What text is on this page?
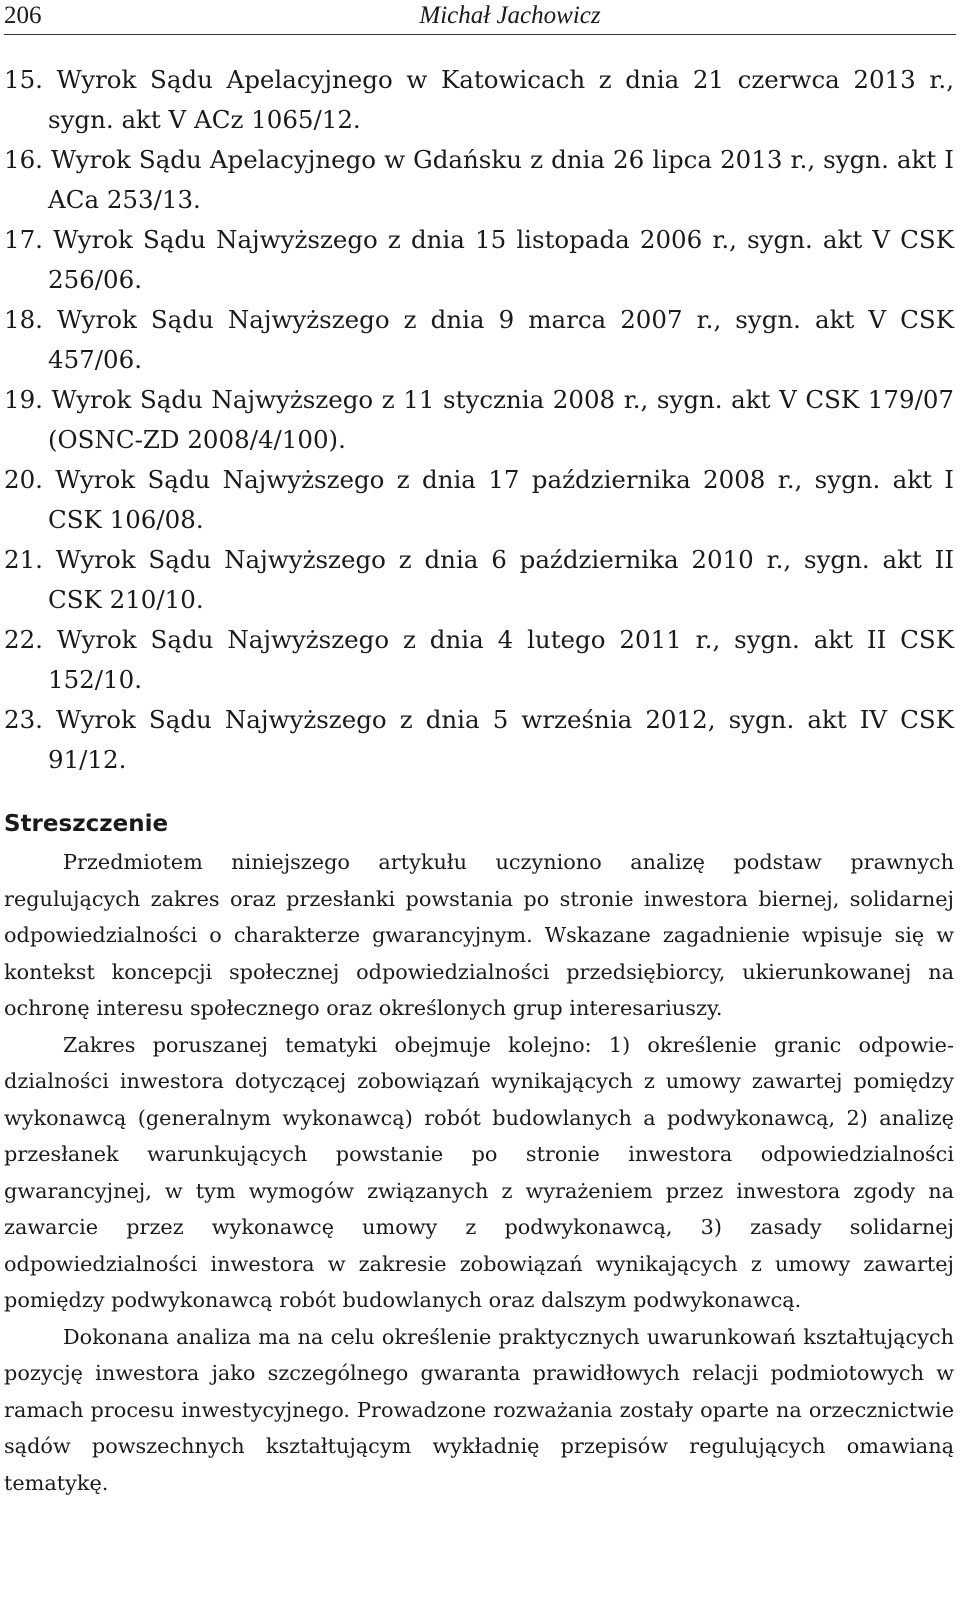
206	Michał Jachowicz

15. Wyrok Sądu Apelacyjnego w Katowicach z dnia 21 czerwca 2013 r., sygn. akt V ACz 1065/12.

16. Wyrok Sądu Apelacyjnego w Gdańsku z dnia 26 lipca 2013 r., sygn. akt I ACa 253/13.

17. Wyrok Sądu Najwyższego z dnia 15 listopada 2006 r., sygn. akt V CSK 256/06.

18. Wyrok Sądu Najwyższego z dnia 9 marca 2007 r., sygn. akt V CSK 457/06.

19. Wyrok Sądu Najwyższego z 11 stycznia 2008 r., sygn. akt V CSK 179/07 (OSNC-ZD 2008/4/100).

20. Wyrok Sądu Najwyższego z dnia 17 października 2008 r., sygn. akt I CSK 106/08.

21. Wyrok Sądu Najwyższego z dnia 6 października 2010 r., sygn. akt II CSK 210/10.

22. Wyrok Sądu Najwyższego z dnia 4 lutego 2011 r., sygn. akt II CSK 152/10.

23. Wyrok Sądu Najwyższego z dnia 5 września 2012, sygn. akt IV CSK 91/12.

Streszczenie

Przedmiotem niniejszego artykułu uczyniono analizę podstaw prawnych regulujących zakres oraz przesłanki powstania po stronie inwestora biernej, solidarnej odpowiedzialności o charakterze gwarancyjnym. Wskazane zagadnienie wpisuje się w kontekst koncepcji społecznej odpowiedzialności przedsiębiorcy, ukierunkowanej na ochronę interesu społecznego oraz określonych grup interesariuszy.

Zakres poruszanej tematyki obejmuje kolejno: 1) określenie granic odpowiedzialności inwestora dotyczącej zobowiązań wynikających z umowy zawartej pomiędzy wykonawcą (generalnym wykonawcą) robót budowlanych a podwykonawcą, 2) analizę przesłanek warunkujących powstanie po stronie inwestora odpowiedzialności gwarancyjnej, w tym wymogów związanych z wyrażeniem przez inwestora zgody na zawarcie przez wykonawcę umowy z podwykonawcą, 3) zasady solidarnej odpowiedzialności inwestora w zakresie zobowiązań wynikających z umowy zawartej pomiędzy podwykonawcą robót budowlanych oraz dalszym podwykonawcą.

Dokonana analiza ma na celu określenie praktycznych uwarunkowań kształtujących pozycję inwestora jako szczególnego gwaranta prawidłowych relacji podmiotowych w ramach procesu inwestycyjnego. Prowadzone rozważania zostały oparte na orzecznictwie sądów powszechnych kształtującym wykładnię przepisów regulujących omawianą tematykę.
